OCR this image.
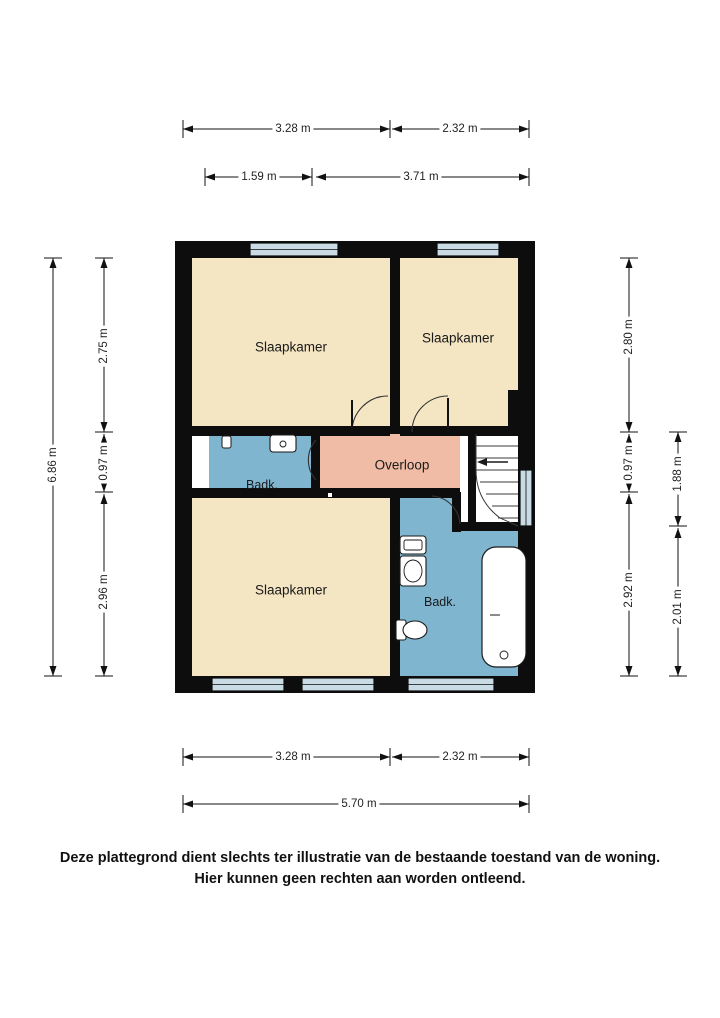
Slaapkamer
Slaapkamer
Badk.
Overloop
Slaapkamer
Badk.
3.28 m	2.32 m
1.59 m	3.71 m
3.28 m	2.32 m
5.70 m
6.86 m
2.75 m
0.97 m
2.96 m
2.80 m
0.97 m
2.92 m
1.88 m
2.01 m
Deze plattegrond dient slechts ter illustratie van de bestaande toestand van de woning.
Hier kunnen geen rechten aan worden ontleend.
